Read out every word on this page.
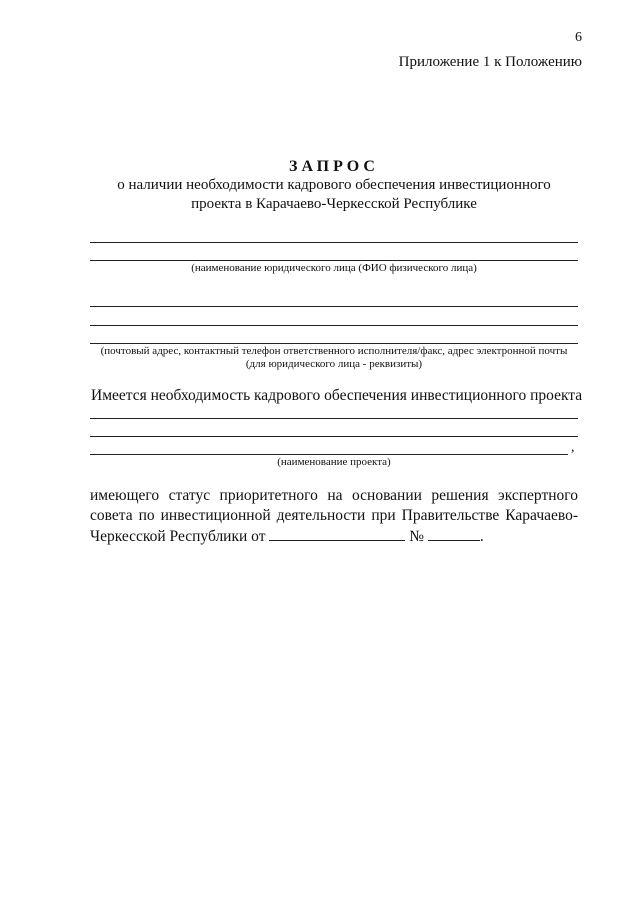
6
Приложение 1 к Положению
ЗАПРОС
о наличии необходимости кадрового обеспечения инвестиционного
проекта в Карачаево-Черкесской Республике
(наименование юридического лица (ФИО физического лица)
(почтовый адрес, контактный телефон ответственного исполнителя/факс, адрес электронной почты
(для юридического лица - реквизиты)
Имеется необходимость кадрового обеспечения инвестиционного проекта
,
(наименование проекта)
имеющего статус приоритетного на основании решения экспертного совета по инвестиционной деятельности при Правительстве Карачаево-Черкесской Республики от	№	.
